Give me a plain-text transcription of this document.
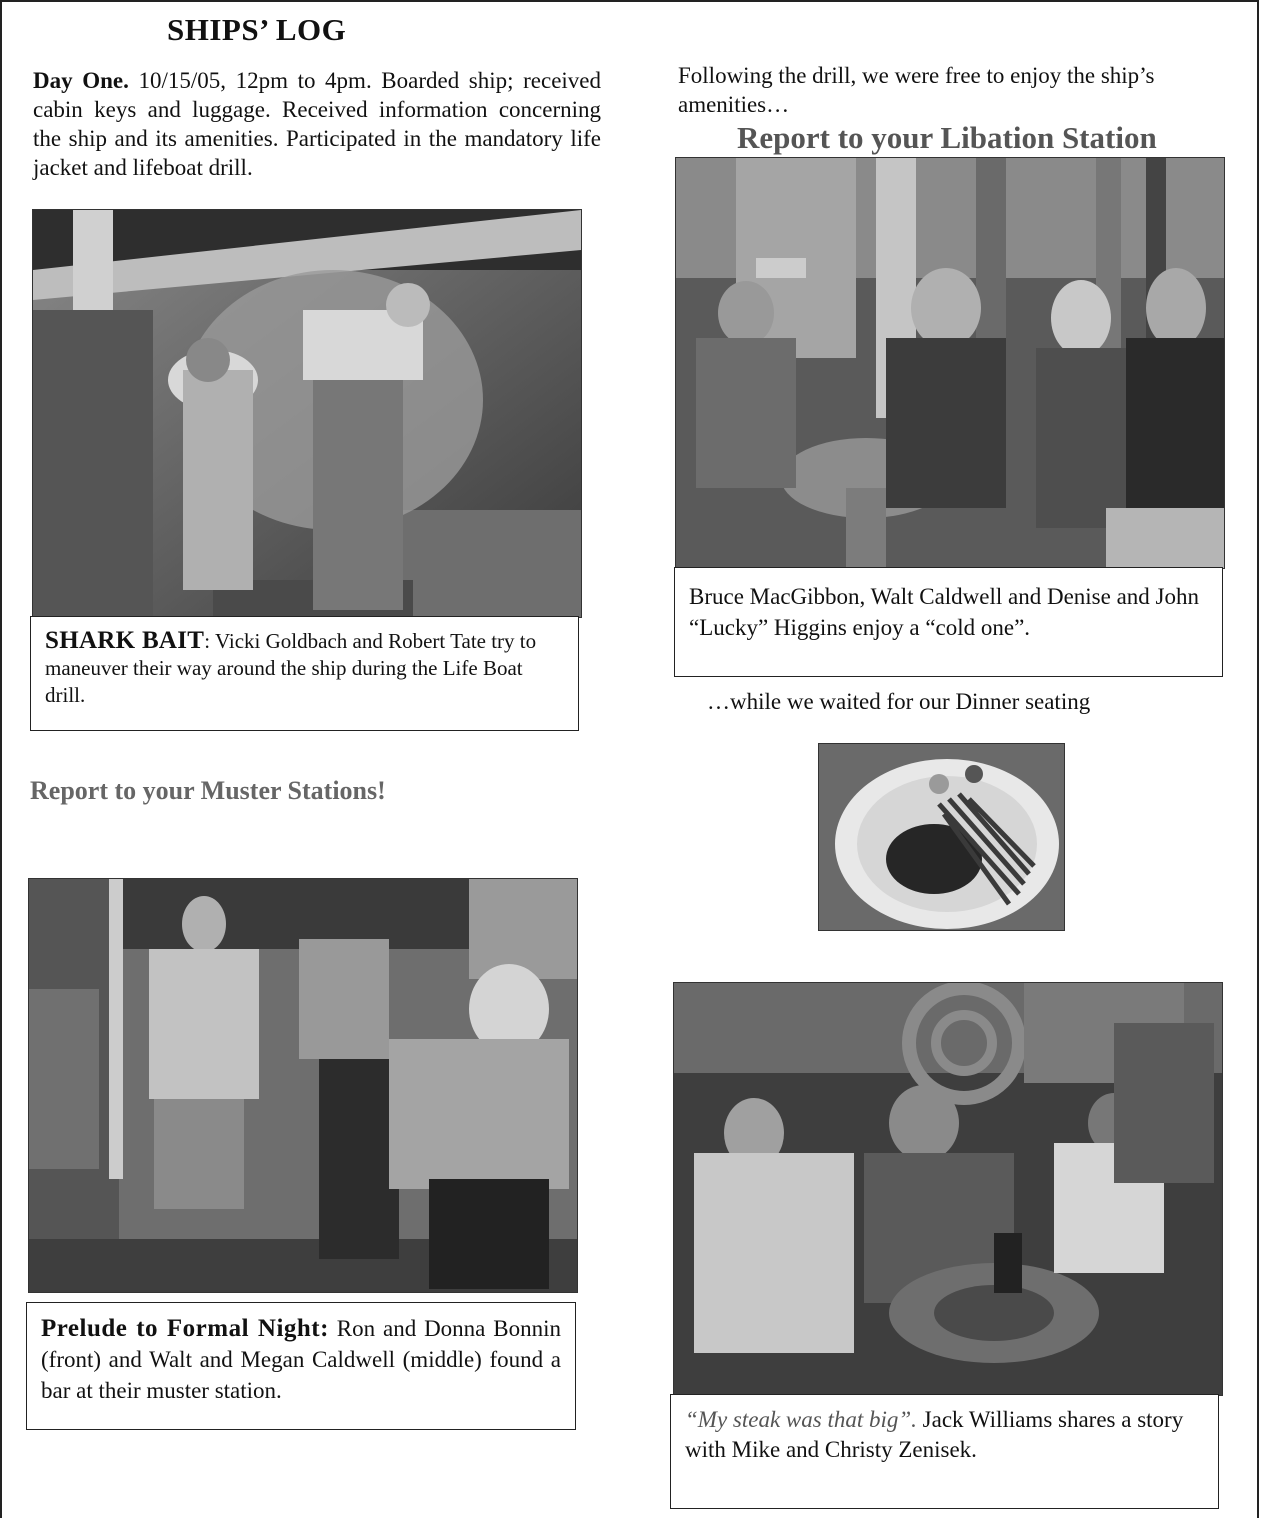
SHIPS’ LOG
Day One. 10/15/05, 12pm to 4pm. Boarded ship; received cabin keys and luggage. Received information concerning the ship and its amenities. Participated in the mandatory life jacket and lifeboat drill.
Following the drill, we were free to enjoy the ship’s amenities…
Report to your Libation Station
SHARK BAIT: Vicki Goldbach and Robert Tate try to maneuver their way around the ship during the Life Boat drill.
Bruce MacGibbon, Walt Caldwell and Denise and John “Lucky” Higgins enjoy a “cold one”.
…while we waited for our Dinner seating
Report to your Muster Stations!
Prelude to Formal Night: Ron and Donna Bonnin (front) and Walt and Megan Caldwell (middle) found a bar at their muster station.
“My steak was that big”. Jack Williams shares a story with Mike and Christy Zenisek.
